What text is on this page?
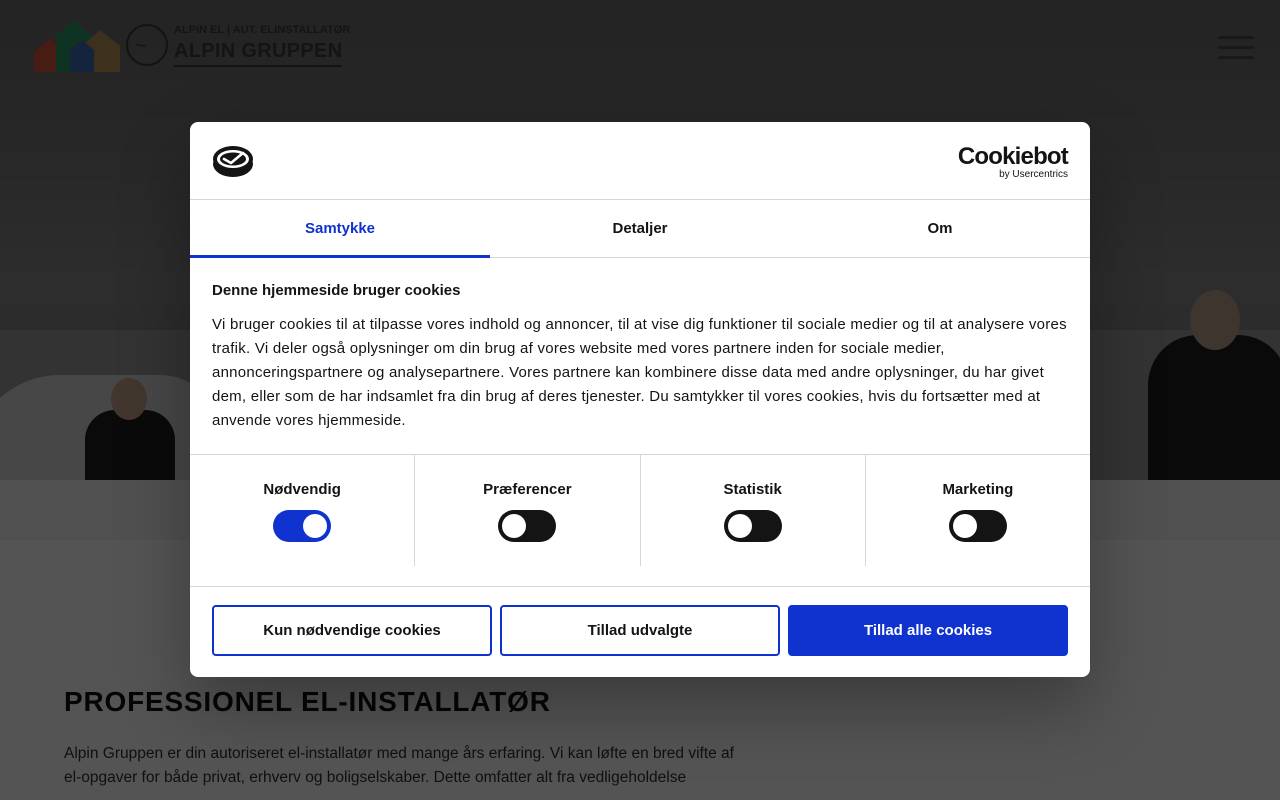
Cookiebot
by Usercentrics
Samtykke	Detaljer	Om
Denne hjemmeside bruger cookies

Vi bruger cookies til at tilpasse vores indhold og annoncer, til at vise dig funktioner til sociale medier og til at analysere vores trafik. Vi deler også oplysninger om din brug af vores website med vores partnere inden for sociale medier, annonceringspartnere og analysepartnere. Vores partnere kan kombinere disse data med andre oplysninger, du har givet dem, eller som de har indsamlet fra din brug af deres tjenester. Du samtykker til vores cookies, hvis du fortsætter med at anvende vores hjemmeside.

Nødvendig	Præferencer	Statistik	Marketing
Kun nødvendige cookies	Tillad udvalgte	Tillad alle cookies
